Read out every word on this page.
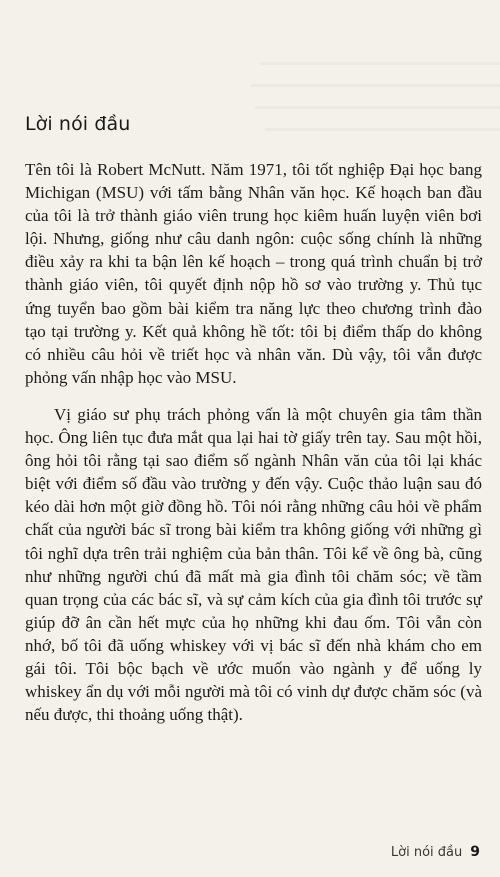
Lời nói đầu

Tên tôi là Robert McNutt. Năm 1971, tôi tốt nghiệp Đại học bang Michigan (MSU) với tấm bằng Nhân văn học. Kế hoạch ban đầu của tôi là trở thành giáo viên trung học kiêm huấn luyện viên bơi lội. Nhưng, giống như câu danh ngôn: cuộc sống chính là những điều xảy ra khi ta bận lên kế hoạch – trong quá trình chuẩn bị trở thành giáo viên, tôi quyết định nộp hồ sơ vào trường y. Thủ tục ứng tuyển bao gồm bài kiểm tra năng lực theo chương trình đào tạo tại trường y. Kết quả không hề tốt: tôi bị điểm thấp do không có nhiều câu hỏi về triết học và nhân văn. Dù vậy, tôi vẫn được phỏng vấn nhập học vào MSU.

Vị giáo sư phụ trách phỏng vấn là một chuyên gia tâm thần học. Ông liên tục đưa mắt qua lại hai tờ giấy trên tay. Sau một hồi, ông hỏi tôi rằng tại sao điểm số ngành Nhân văn của tôi lại khác biệt với điểm số đầu vào trường y đến vậy. Cuộc thảo luận sau đó kéo dài hơn một giờ đồng hồ. Tôi nói rằng những câu hỏi về phẩm chất của người bác sĩ trong bài kiểm tra không giống với những gì tôi nghĩ dựa trên trải nghiệm của bản thân. Tôi kể về ông bà, cũng như những người chú đã mất mà gia đình tôi chăm sóc; về tầm quan trọng của các bác sĩ, và sự cảm kích của gia đình tôi trước sự giúp đỡ ân cần hết mực của họ những khi đau ốm. Tôi vẫn còn nhớ, bố tôi đã uống whiskey với vị bác sĩ đến nhà khám cho em gái tôi. Tôi bộc bạch về ước muốn vào ngành y để uống ly whiskey ẩn dụ với mỗi người mà tôi có vinh dự được chăm sóc (và nếu được, thi thoảng uống thật).

Lời nói đầu 9
